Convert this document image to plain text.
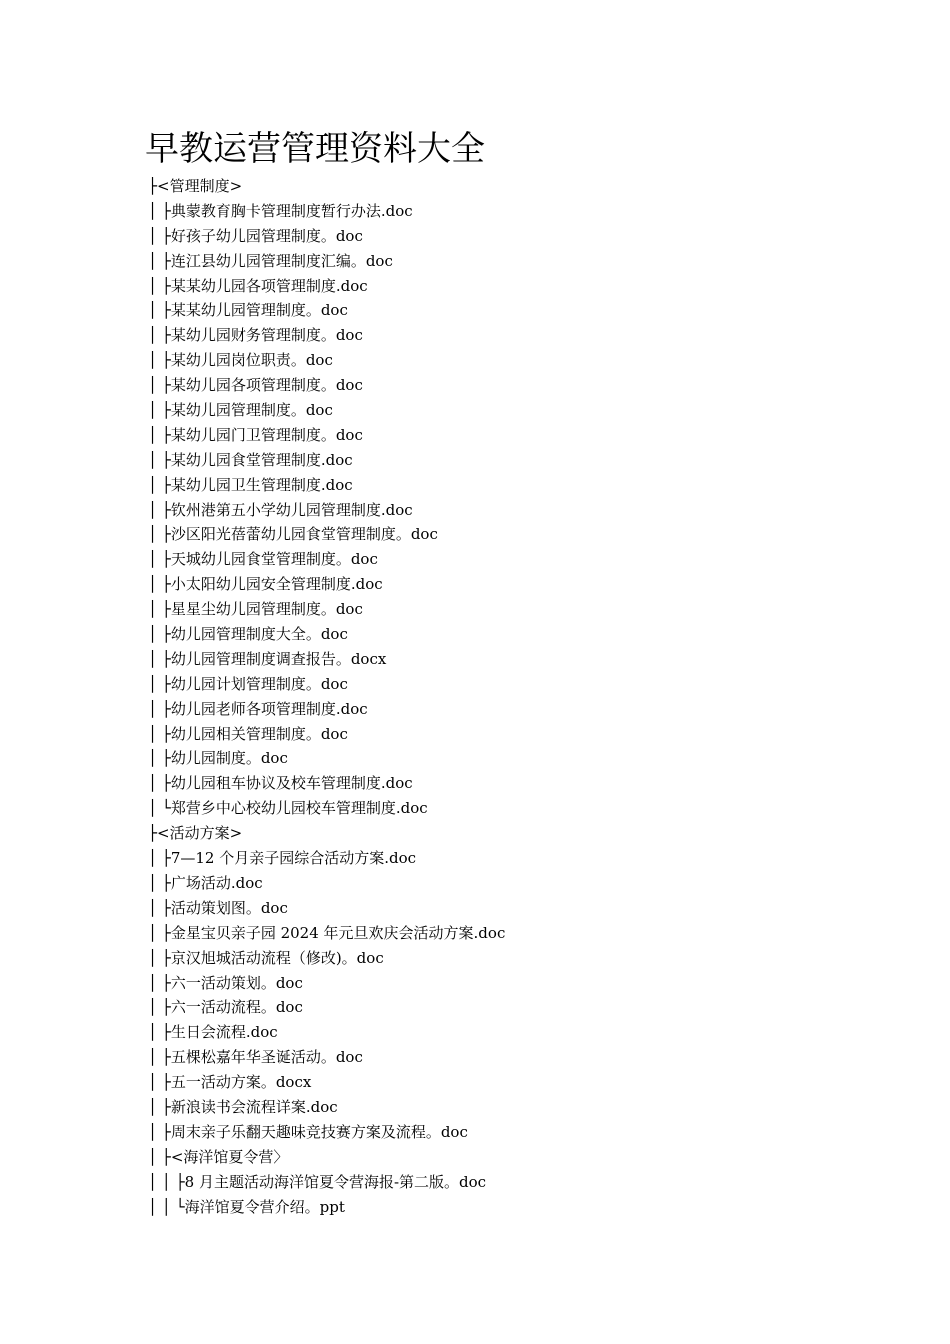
早教运营管理资料大全
├<管理制度>
│ ├典蒙教育胸卡管理制度暂行办法.doc
│ ├好孩子幼儿园管理制度。doc
│ ├连江县幼儿园管理制度汇编。doc
│ ├某某幼儿园各项管理制度.doc
│ ├某某幼儿园管理制度。doc
│ ├某幼儿园财务管理制度。doc
│ ├某幼儿园岗位职责。doc
│ ├某幼儿园各项管理制度。doc
│ ├某幼儿园管理制度。doc
│ ├某幼儿园门卫管理制度。doc
│ ├某幼儿园食堂管理制度.doc
│ ├某幼儿园卫生管理制度.doc
│ ├钦州港第五小学幼儿园管理制度.doc
│ ├沙区阳光蓓蕾幼儿园食堂管理制度。doc
│ ├天城幼儿园食堂管理制度。doc
│ ├小太阳幼儿园安全管理制度.doc
│ ├星星尘幼儿园管理制度。doc
│ ├幼儿园管理制度大全。doc
│ ├幼儿园管理制度调查报告。docx
│ ├幼儿园计划管理制度。doc
│ ├幼儿园老师各项管理制度.doc
│ ├幼儿园相关管理制度。doc
│ ├幼儿园制度。doc
│ ├幼儿园租车协议及校车管理制度.doc
│ └郑营乡中心校幼儿园校车管理制度.doc
├<活动方案>
│ ├7—12 个月亲子园综合活动方案.doc
│ ├广场活动.doc
│ ├活动策划图。doc
│ ├金星宝贝亲子园 2024 年元旦欢庆会活动方案.doc
│ ├京汉旭城活动流程（修改)。doc
│ ├六一活动策划。doc
│ ├六一活动流程。doc
│ ├生日会流程.doc
│ ├五棵松嘉年华圣诞活动。doc
│ ├五一活动方案。docx
│ ├新浪读书会流程详案.doc
│ ├周末亲子乐翻天趣味竞技赛方案及流程。doc
│ ├<海洋馆夏令营〉
│ │ ├8 月主题活动海洋馆夏令营海报-第二版。doc
│ │ └海洋馆夏令营介绍。ppt
